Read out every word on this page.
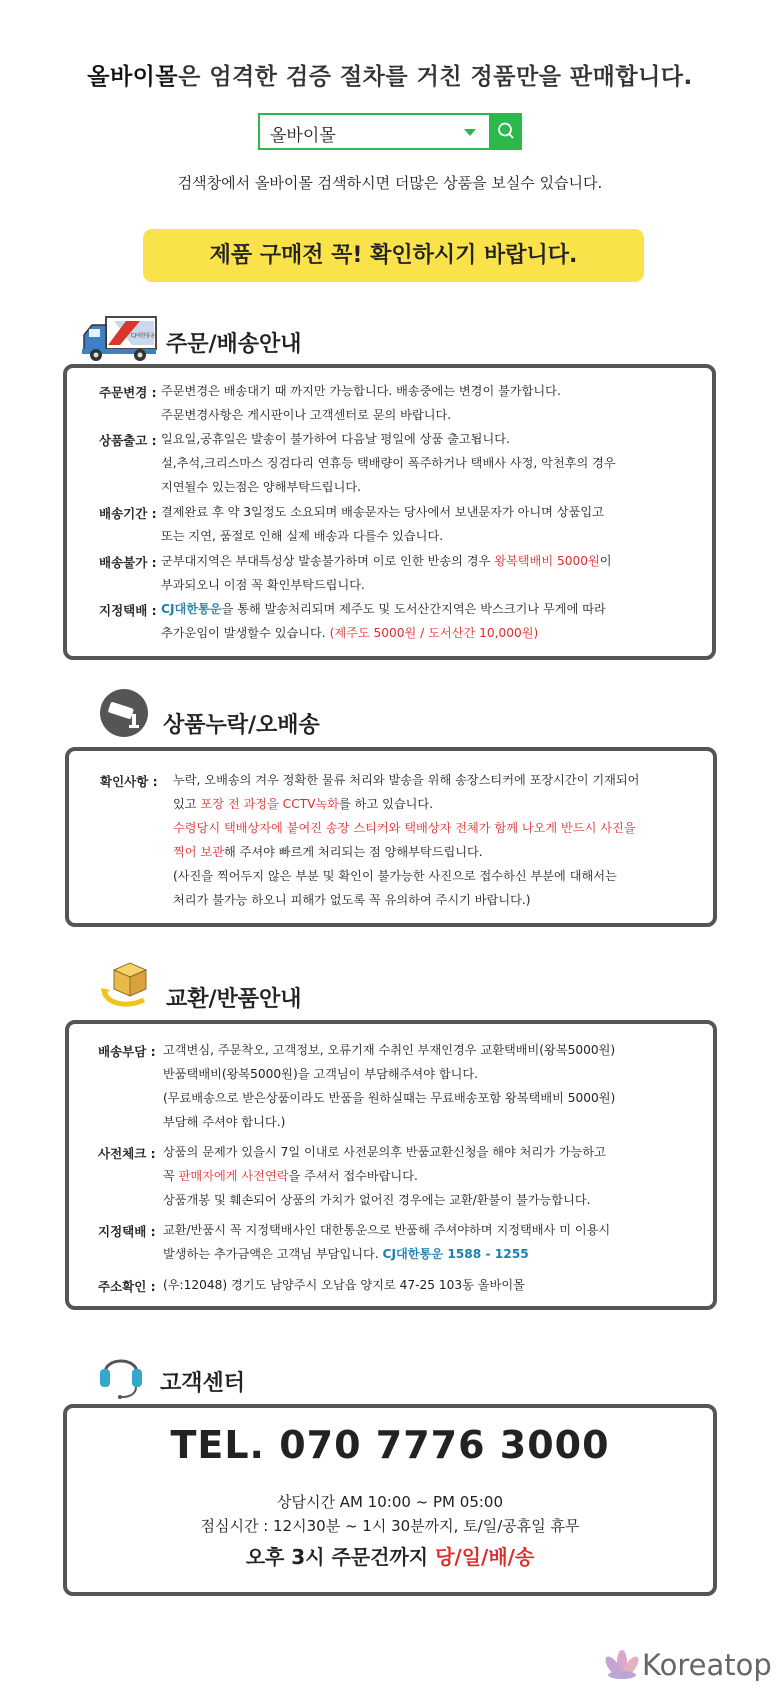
올바이몰은 엄격한 검증 절차를 거친 정품만을 판매합니다.
올바이몰
검색창에서 올바이몰 검색하시면 더많은 상품을 보실수 있습니다.
제품 구매전 꼭! 확인하시기 바랍니다.
CJ대한통운 주문/배송안내
주문변경 : 주문변경은 배송대기 때 까지만 가능합니다. 배송중에는 변경이 불가합니다.
주문변경사항은 게시판이나 고객센터로 문의 바랍니다.
상품출고 : 일요일,공휴일은 발송이 불가하여 다음날 평일에 상품 출고됩니다.
설,추석,크리스마스 징검다리 연휴등 택배량이 폭주하거나 택배사 사정, 악천후의 경우
지연될수 있는점은 양해부탁드립니다.
배송기간 : 결제완료 후 약 3일정도 소요되며 배송문자는 당사에서 보낸문자가 아니며 상품입고
또는 지연, 품절로 인해 실제 배송과 다를수 있습니다.
배송불가 : 군부대지역은 부대특성상 발송불가하며 이로 인한 반송의 경우 왕복택배비 5000원이
부과되오니 이점 꼭 확인부탁드립니다.
지정택배 : CJ대한통운을 통해 발송처리되며 제주도 및 도서산간지역은 박스크기나 무게에 따라
추가운임이 발생할수 있습니다. (제주도 5000원 / 도서산간 10,000원)
상품누락/오배송
확인사항 : 누락, 오배송의 겨우 정확한 물류 처리와 발송을 위해 송장스티커에 포장시간이 기재되어
있고 포장 전 과정을 CCTV녹화를 하고 있습니다.
수령당시 택배상자에 붙여진 송장 스티커와 택배상자 전체가 함께 나오게 반드시 사진을
찍어 보관해 주셔야 빠르게 처리되는 점 양해부탁드립니다.
(사진을 찍어두지 않은 부분 및 확인이 불가능한 사진으로 접수하신 부분에 대해서는
처리가 불가능 하오니 피해가 없도록 꼭 유의하여 주시기 바랍니다.)
교환/반품안내
배송부담 : 고객변심, 주문착오, 고객정보, 오류기재 수취인 부재인경우 교환택배비(왕복5000원)
반품택배비(왕복5000원)을 고객님이 부담해주셔야 합니다.
(무료배송으로 받은상품이라도 반품을 원하실때는 무료배송포함 왕복택배비 5000원)
부담해 주셔야 합니다.)
사전체크 : 상품의 문제가 있을시 7일 이내로 사전문의후 반품교환신청을 해야 처리가 가능하고
꼭 판매자에게 사전연락을 주셔서 접수바랍니다.
상품개봉 및 훼손되어 상품의 가치가 없어진 경우에는 교환/환불이 불가능합니다.
지정택배 : 교환/반품시 꼭 지정택배사인 대한통운으로 반품해 주셔야하며 지정택배사 미 이용시
발생하는 추가금액은 고객님 부담입니다. CJ대한통운 1588 - 1255
주소확인 : (우:12048) 경기도 남양주시 오남읍 양지로 47-25 103동 올바이몰
고객센터
TEL. 070 7776 3000
상담시간 AM 10:00 ~ PM 05:00
점심시간 : 12시30분 ~ 1시 30분까지, 토/일/공휴일 휴무
오후 3시 주문건까지 당/일/배/송
Koreatop
